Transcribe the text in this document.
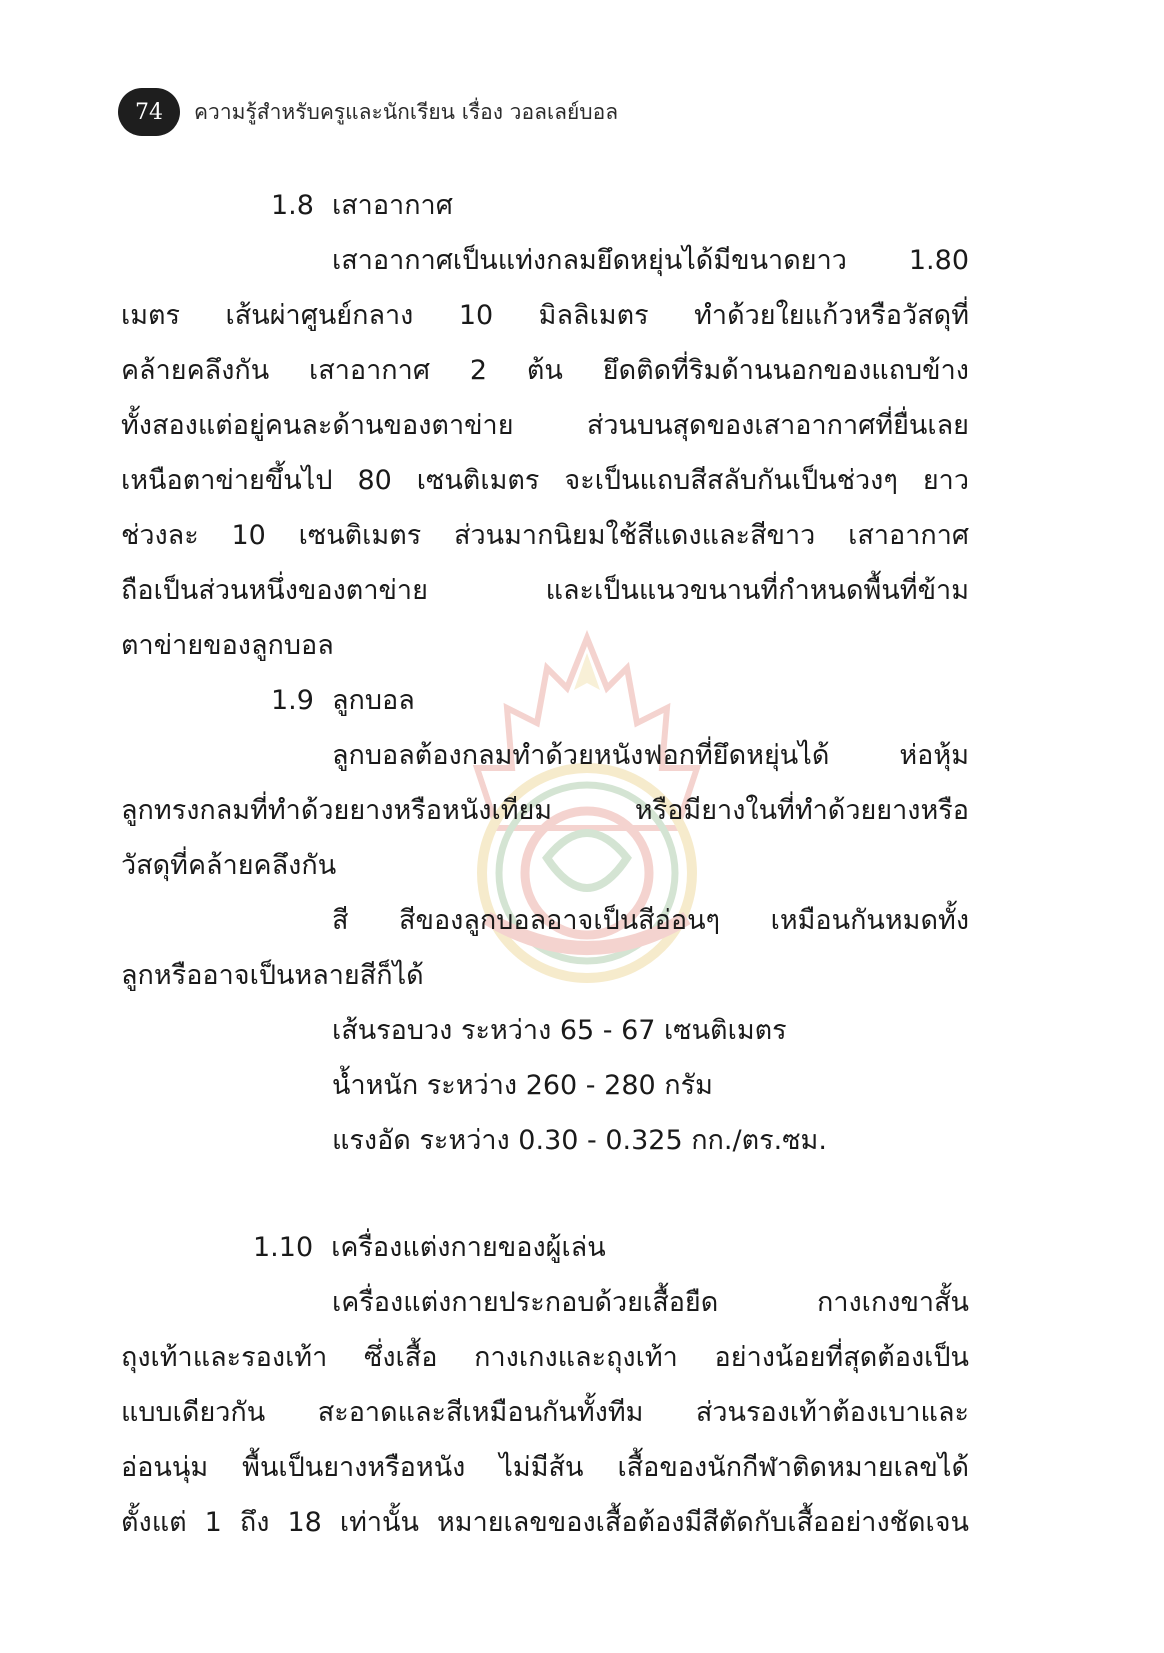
74	ความรู้สำหรับครูและนักเรียน เรื่อง วอลเลย์บอล
1.8 เสาอากาศ
เสาอากาศเป็นแท่งกลมยึดหยุ่นได้มีขนาดยาว 1.80
เมตร เส้นผ่าศูนย์กลาง 10 มิลลิเมตร ทำด้วยใยแก้วหรือวัสดุที่
คล้ายคลึงกัน เสาอากาศ 2 ต้น ยึดติดที่ริมด้านนอกของแถบข้าง
ทั้งสองแต่อยู่คนละด้านของตาข่าย ส่วนบนสุดของเสาอากาศที่ยื่นเลย
เหนือตาข่ายขึ้นไป 80 เซนติเมตร จะเป็นแถบสีสลับกันเป็นช่วงๆ ยาว
ช่วงละ 10 เซนติเมตร ส่วนมากนิยมใช้สีแดงและสีขาว เสาอากาศ
ถือเป็นส่วนหนึ่งของตาข่าย และเป็นแนวขนานที่กำหนดพื้นที่ข้าม
ตาข่ายของลูกบอล
1.9 ลูกบอล
ลูกบอลต้องกลมทำด้วยหนังฟอกที่ยึดหยุ่นได้ ห่อหุ้ม
ลูกทรงกลมที่ทำด้วยยางหรือหนังเทียม หรือมียางในที่ทำด้วยยางหรือ
วัสดุที่คล้ายคลึงกัน
สี สีของลูกบอลอาจเป็นสีอ่อนๆ เหมือนกันหมดทั้ง
ลูกหรืออาจเป็นหลายสีก็ได้
เส้นรอบวง ระหว่าง 65 - 67 เซนติเมตร
น้ำหนัก ระหว่าง 260 - 280 กรัม
แรงอัด ระหว่าง 0.30 - 0.325 กก./ตร.ซม.
1.10 เครื่องแต่งกายของผู้เล่น
เครื่องแต่งกายประกอบด้วยเสื้อยืด กางเกงขาสั้น
ถุงเท้าและรองเท้า ซึ่งเสื้อ กางเกงและถุงเท้า อย่างน้อยที่สุดต้องเป็น
แบบเดียวกัน สะอาดและสีเหมือนกันทั้งทีม ส่วนรองเท้าต้องเบาและ
อ่อนนุ่ม พื้นเป็นยางหรือหนัง ไม่มีส้น เสื้อของนักกีฬาติดหมายเลขได้
ตั้งแต่ 1 ถึง 18 เท่านั้น หมายเลขของเสื้อต้องมีสีตัดกับเสื้ออย่างชัดเจน
